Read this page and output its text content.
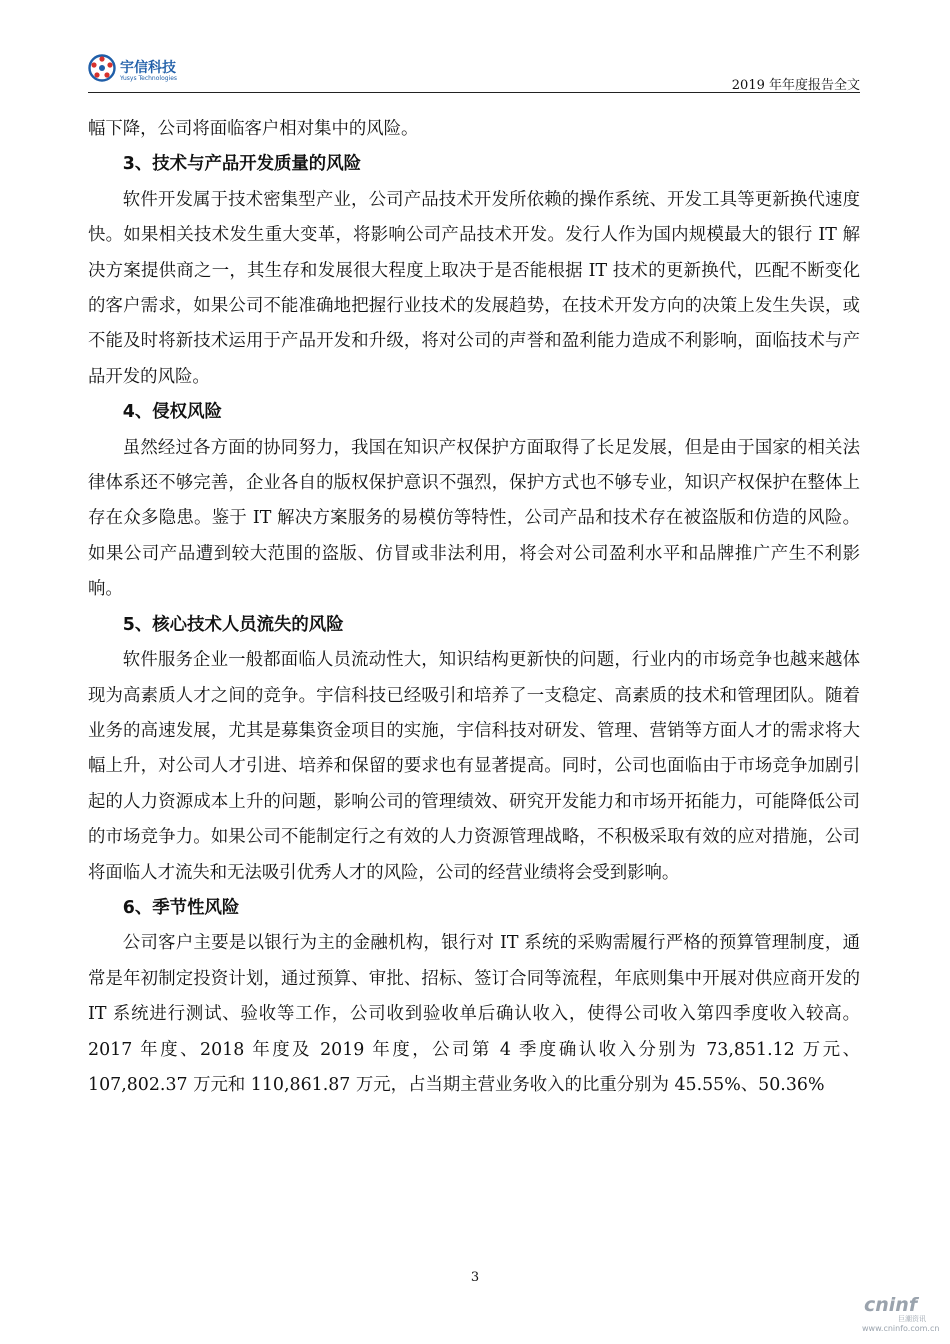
宇信科技
Yusys Technologies	2019 年年度报告全文

幅下降，公司将面临客户相对集中的风险。

3、技术与产品开发质量的风险

软件开发属于技术密集型产业，公司产品技术开发所依赖的操作系统、开发工具等更新换代速度快。如果相关技术发生重大变革，将影响公司产品技术开发。发行人作为国内规模最大的银行 IT 解决方案提供商之一，其生存和发展很大程度上取决于是否能根据 IT 技术的更新换代，匹配不断变化的客户需求，如果公司不能准确地把握行业技术的发展趋势，在技术开发方向的决策上发生失误，或不能及时将新技术运用于产品开发和升级，将对公司的声誉和盈利能力造成不利影响，面临技术与产品开发的风险。

4、侵权风险

虽然经过各方面的协同努力，我国在知识产权保护方面取得了长足发展，但是由于国家的相关法律体系还不够完善，企业各自的版权保护意识不强烈，保护方式也不够专业，知识产权保护在整体上存在众多隐患。鉴于 IT 解决方案服务的易模仿等特性，公司产品和技术存在被盗版和仿造的风险。如果公司产品遭到较大范围的盗版、仿冒或非法利用，将会对公司盈利水平和品牌推广产生不利影响。

5、核心技术人员流失的风险

软件服务企业一般都面临人员流动性大，知识结构更新快的问题，行业内的市场竞争也越来越体现为高素质人才之间的竞争。宇信科技已经吸引和培养了一支稳定、高素质的技术和管理团队。随着业务的高速发展，尤其是募集资金项目的实施，宇信科技对研发、管理、营销等方面人才的需求将大幅上升，对公司人才引进、培养和保留的要求也有显著提高。同时，公司也面临由于市场竞争加剧引起的人力资源成本上升的问题，影响公司的管理绩效、研究开发能力和市场开拓能力，可能降低公司的市场竞争力。如果公司不能制定行之有效的人力资源管理战略，不积极采取有效的应对措施，公司将面临人才流失和无法吸引优秀人才的风险，公司的经营业绩将会受到影响。

6、季节性风险

公司客户主要是以银行为主的金融机构，银行对 IT 系统的采购需履行严格的预算管理制度，通常是年初制定投资计划，通过预算、审批、招标、签订合同等流程，年底则集中开展对供应商开发的 IT 系统进行测试、验收等工作，公司收到验收单后确认收入，使得公司收入第四季度收入较高。2017 年度、2018 年度及 2019 年度，公司第 4 季度确认收入分别为 73,851.12 万元、107,802.37 万元和 110,861.87 万元，占当期主营业务收入的比重分别为 45.55%、50.36%

3
cninf
巨潮资讯
www.cninfo.com.cn
